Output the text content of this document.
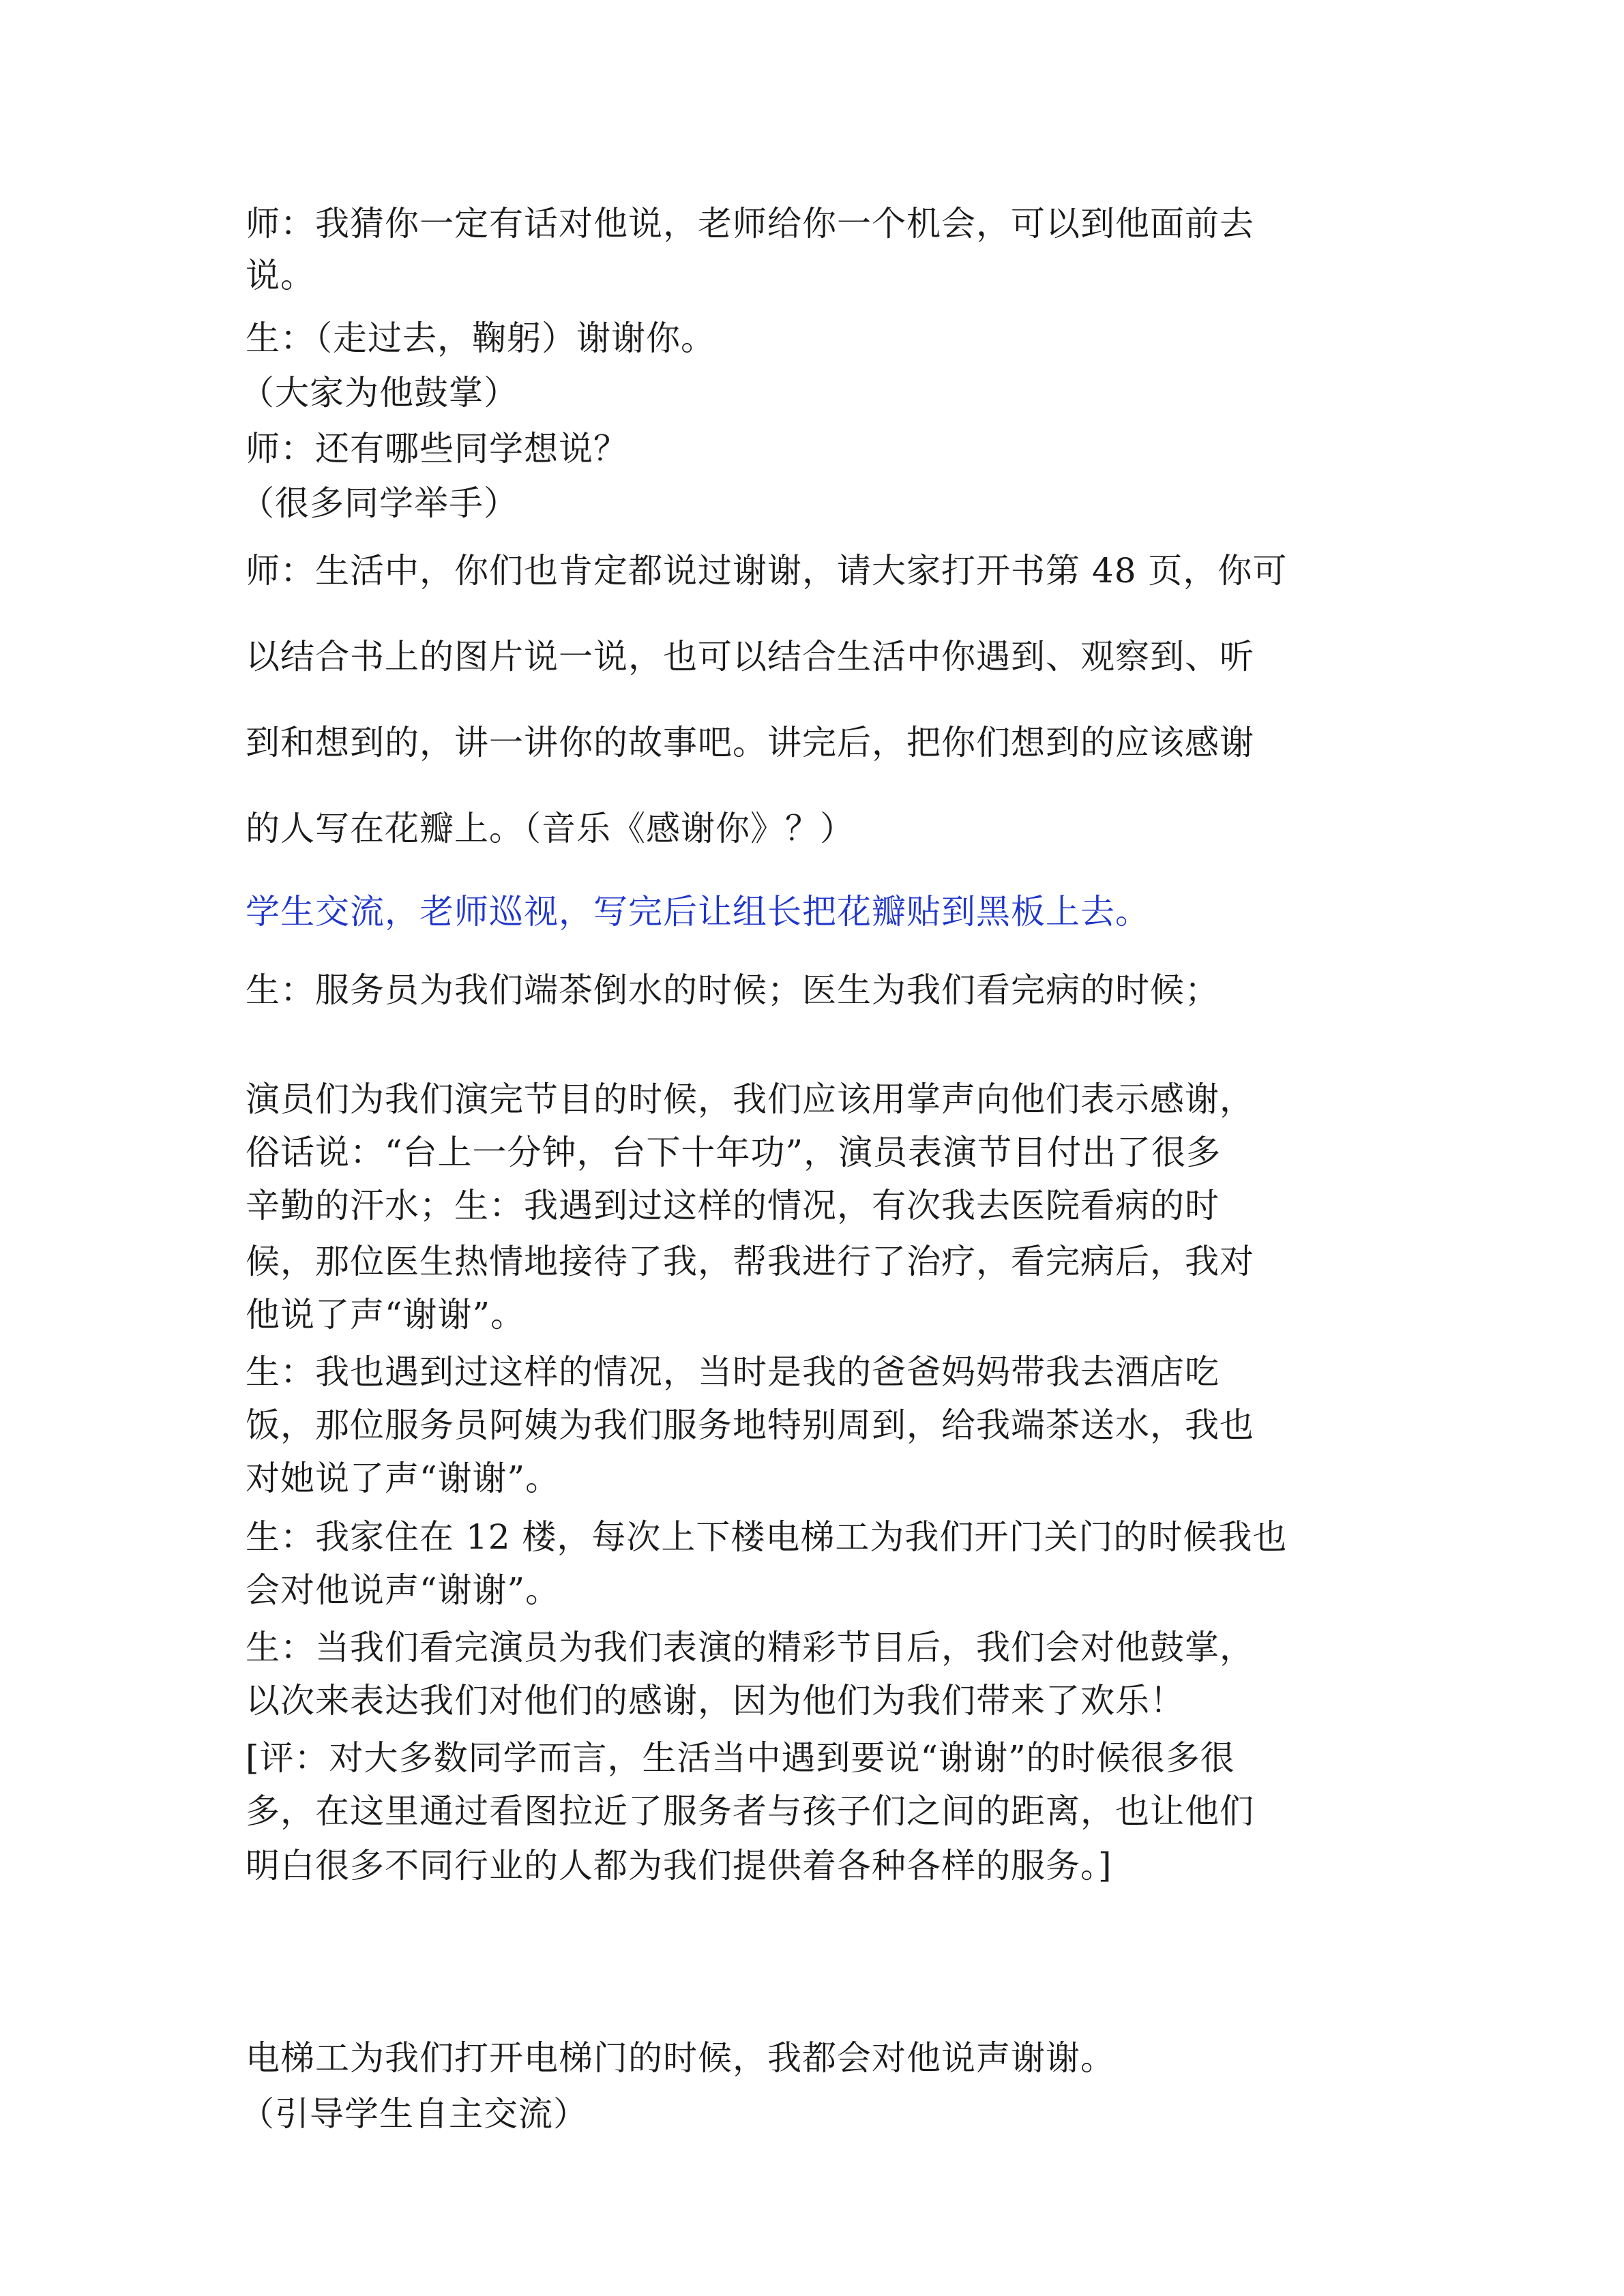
师：我猜你一定有话对他说，老师给你一个机会，可以到他面前去
说。
生：（走过去，鞠躬）谢谢你。
（大家为他鼓掌）
师：还有哪些同学想说？
（很多同学举手）
师：生活中，你们也肯定都说过谢谢，请大家打开书第 48 页，你可
以结合书上的图片说一说，也可以结合生活中你遇到、观察到、听
到和想到的，讲一讲你的故事吧。讲完后，把你们想到的应该感谢
的人写在花瓣上。（音乐《感谢你》？）
学生交流，老师巡视，写完后让组长把花瓣贴到黑板上去。
生：服务员为我们端茶倒水的时候；医生为我们看完病的时候；
演员们为我们演完节目的时候，我们应该用掌声向他们表示感谢，
俗话说：“台上一分钟，台下十年功”，演员表演节目付出了很多
辛勤的汗水；生：我遇到过这样的情况，有次我去医院看病的时
候，那位医生热情地接待了我，帮我进行了治疗，看完病后，我对
他说了声“谢谢”。
生：我也遇到过这样的情况，当时是我的爸爸妈妈带我去酒店吃
饭，那位服务员阿姨为我们服务地特别周到，给我端茶送水，我也
对她说了声“谢谢”。
生：我家住在 12 楼，每次上下楼电梯工为我们开门关门的时候我也
会对他说声“谢谢”。
生：当我们看完演员为我们表演的精彩节目后，我们会对他鼓掌，
以次来表达我们对他们的感谢，因为他们为我们带来了欢乐！
[评：对大多数同学而言，生活当中遇到要说“谢谢”的时候很多很
多，在这里通过看图拉近了服务者与孩子们之间的距离，也让他们
明白很多不同行业的人都为我们提供着各种各样的服务。]
电梯工为我们打开电梯门的时候，我都会对他说声谢谢。
（引导学生自主交流）
